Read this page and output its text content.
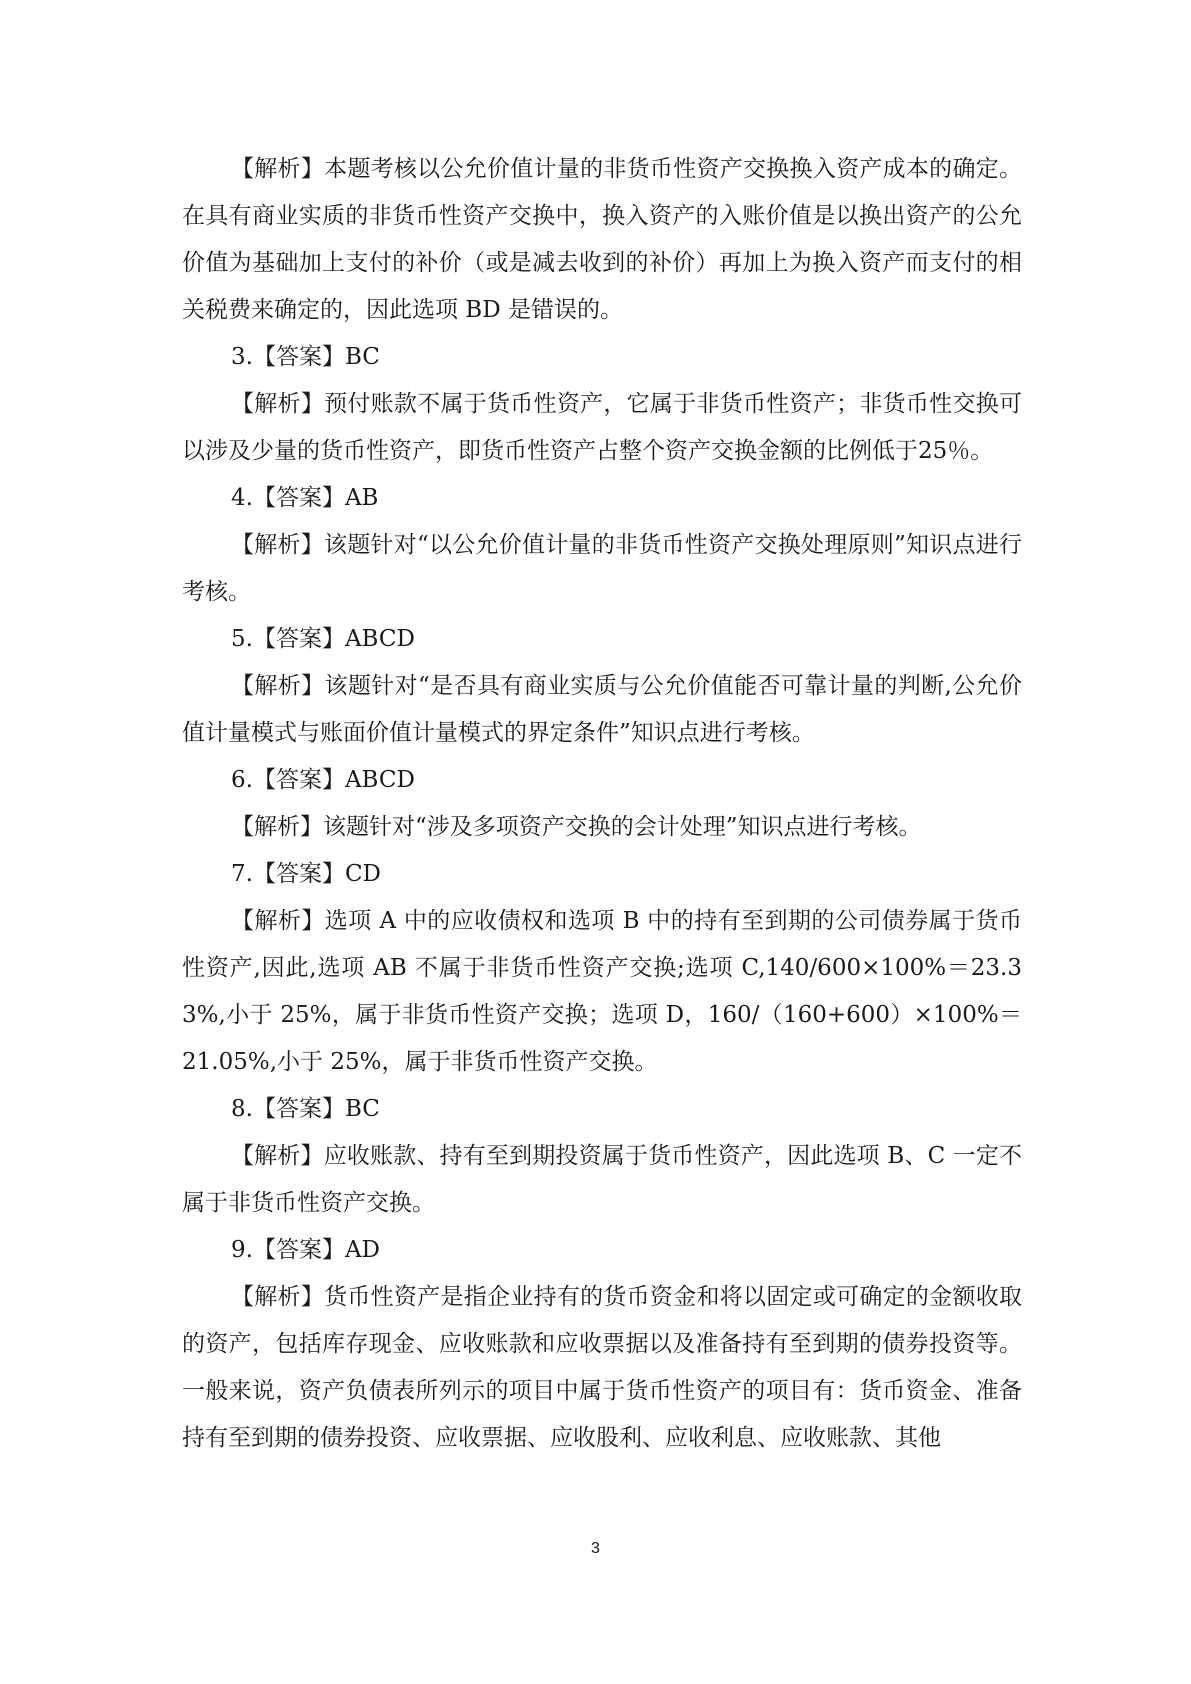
【解析】本题考核以公允价值计量的非货币性资产交换换入资产成本的确定。在具有商业实质的非货币性资产交换中，换入资产的入账价值是以换出资产的公允价值为基础加上支付的补价（或是减去收到的补价）再加上为换入资产而支付的相关税费来确定的，因此选项 BD 是错误的。

3.【答案】BC

【解析】预付账款不属于货币性资产，它属于非货币性资产；非货币性交换可以涉及少量的货币性资产，即货币性资产占整个资产交换金额的比例低于25％。

4.【答案】AB

【解析】该题针对“以公允价值计量的非货币性资产交换处理原则”知识点进行考核。

5.【答案】ABCD

【解析】该题针对“是否具有商业实质与公允价值能否可靠计量的判断,公允价值计量模式与账面价值计量模式的界定条件”知识点进行考核。

6.【答案】ABCD

【解析】该题针对“涉及多项资产交换的会计处理”知识点进行考核。

7.【答案】CD

【解析】选项 A 中的应收债权和选项 B 中的持有至到期的公司债券属于货币性资产,因此,选项 AB 不属于非货币性资产交换;选项 C,140/600×100%＝23.33%,小于 25%，属于非货币性资产交换；选项 D，160/（160+600）×100%＝21.05%,小于 25%，属于非货币性资产交换。

8.【答案】BC

【解析】应收账款、持有至到期投资属于货币性资产，因此选项 B、C 一定不属于非货币性资产交换。

9.【答案】AD

【解析】货币性资产是指企业持有的货币资金和将以固定或可确定的金额收取的资产，包括库存现金、应收账款和应收票据以及准备持有至到期的债券投资等。一般来说，资产负债表所列示的项目中属于货币性资产的项目有：货币资金、准备持有至到期的债券投资、应收票据、应收股利、应收利息、应收账款、其他

3
